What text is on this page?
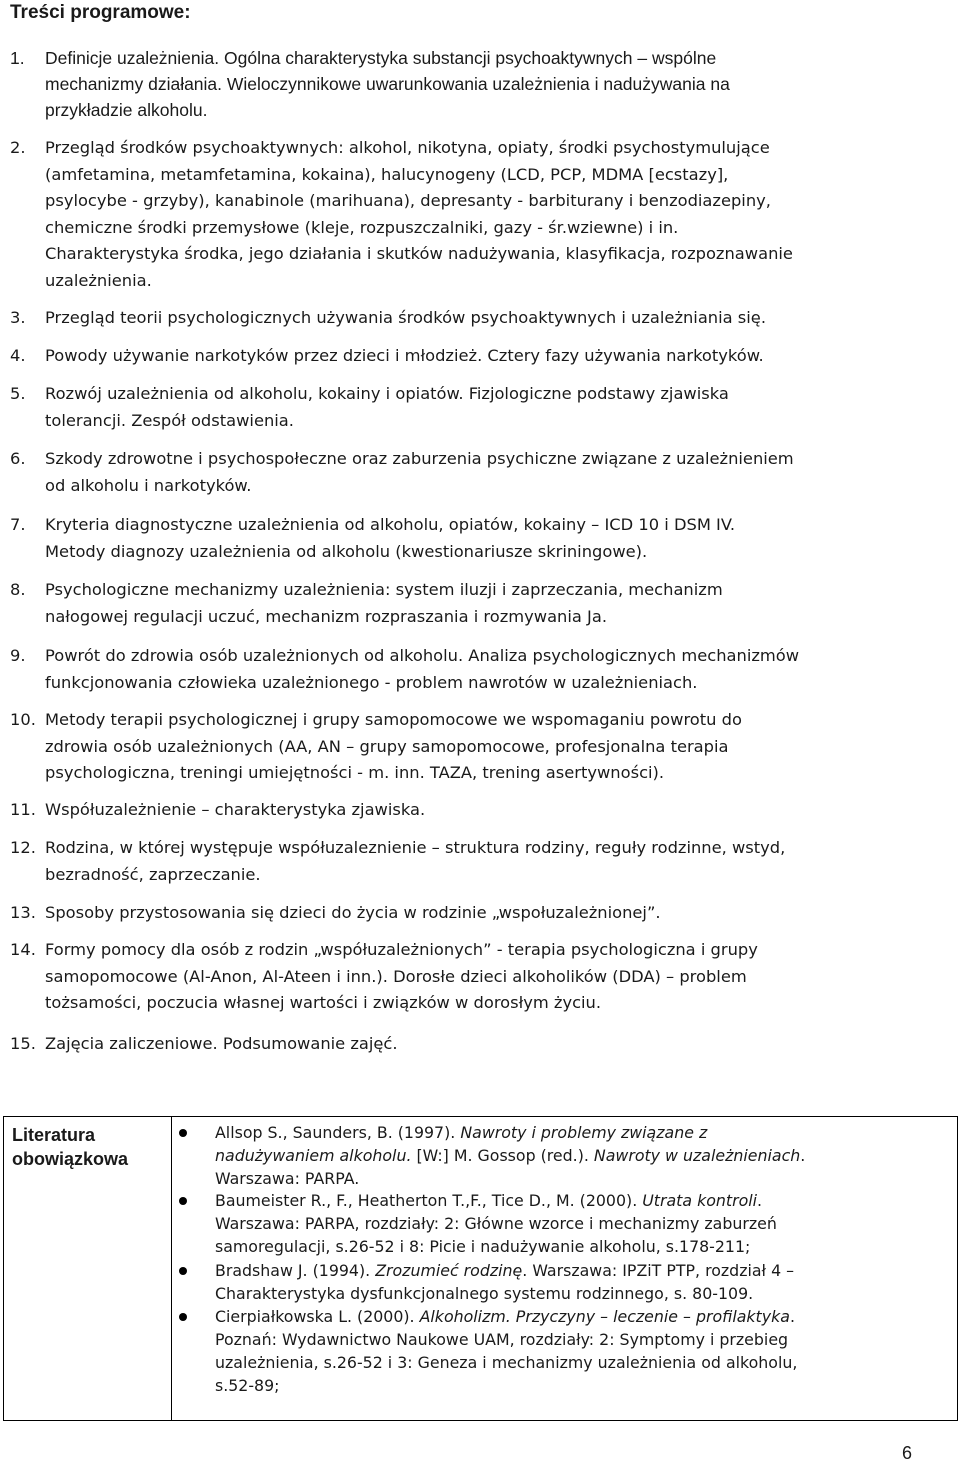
Treści programowe:
1. Definicje uzależnienia. Ogólna charakterystyka substancji psychoaktywnych – wspólne
mechanizmy działania. Wieloczynnikowe uwarunkowania uzależnienia i nadużywania na
przykładzie alkoholu.
2. Przegląd środków psychoaktywnych: alkohol, nikotyna, opiaty, środki psychostymulujące
(amfetamina, metamfetamina, kokaina), halucynogeny (LCD, PCP, MDMA [ecstazy],
psylocybe - grzyby), kanabinole (marihuana), depresanty - barbiturany i benzodiazepiny,
chemiczne środki przemysłowe (kleje, rozpuszczalniki, gazy - śr.wziewne) i in.
Charakterystyka środka, jego działania i skutków nadużywania, klasyfikacja, rozpoznawanie
uzależnienia.
3. Przegląd teorii psychologicznych używania środków psychoaktywnych i uzależniania się.
4. Powody używanie narkotyków przez dzieci i młodzież. Cztery fazy używania narkotyków.
5. Rozwój uzależnienia od alkoholu, kokainy i opiatów. Fizjologiczne podstawy zjawiska
tolerancji. Zespół odstawienia.
6. Szkody zdrowotne i psychospołeczne oraz zaburzenia psychiczne związane z uzależnieniem
od alkoholu i narkotyków.
7. Kryteria diagnostyczne uzależnienia od alkoholu, opiatów, kokainy – ICD 10 i DSM IV.
Metody diagnozy uzależnienia od alkoholu (kwestionariusze skriningowe).
8. Psychologiczne mechanizmy uzależnienia: system iluzji i zaprzeczania, mechanizm
nałogowej regulacji uczuć, mechanizm rozpraszania i rozmywania Ja.
9. Powrót do zdrowia osób uzależnionych od alkoholu. Analiza psychologicznych mechanizmów
funkcjonowania człowieka uzależnionego - problem nawrotów w uzależnieniach.
10. Metody terapii psychologicznej i grupy samopomocowe we wspomaganiu powrotu do
zdrowia osób uzależnionych (AA, AN – grupy samopomocowe, profesjonalna terapia
psychologiczna, treningi umiejętności - m. inn. TAZA, trening asertywności).
11. Współuzależnienie – charakterystyka zjawiska.
12. Rodzina, w której występuje współuzaleznienie – struktura rodziny, reguły rodzinne, wstyd,
bezradność, zaprzeczanie.
13. Sposoby przystosowania się dzieci do życia w rodzinie „wspołuzależnionej”.
14. Formy pomocy dla osób z rodzin „współuzależnionych” - terapia psychologiczna i grupy
samopomocowe (Al-Anon, Al-Ateen i inn.). Dorosłe dzieci alkoholików (DDA) – problem
tożsamości, poczucia własnej wartości i związków w dorosłym życiu.
15. Zajęcia zaliczeniowe. Podsumowanie zajęć.
Literatura
obowiązkowa
Allsop S., Saunders, B. (1997). Nawroty i problemy związane z
nadużywaniem alkoholu. [W:] M. Gossop (red.). Nawroty w uzależnieniach.
Warszawa: PARPA.
Baumeister R., F., Heatherton T.,F., Tice D., M. (2000). Utrata kontroli.
Warszawa: PARPA, rozdziały: 2: Główne wzorce i mechanizmy zaburzeń
samoregulacji, s.26-52 i 8: Picie i nadużywanie alkoholu, s.178-211;
Bradshaw J. (1994). Zrozumieć rodzinę. Warszawa: IPZiT PTP, rozdział 4 –
Charakterystyka dysfunkcjonalnego systemu rodzinnego, s. 80-109.
Cierpiałkowska L. (2000). Alkoholizm. Przyczyny – leczenie – profilaktyka.
Poznań: Wydawnictwo Naukowe UAM, rozdziały: 2: Symptomy i przebieg
uzależnienia, s.26-52 i 3: Geneza i mechanizmy uzależnienia od alkoholu,
s.52-89;
6
